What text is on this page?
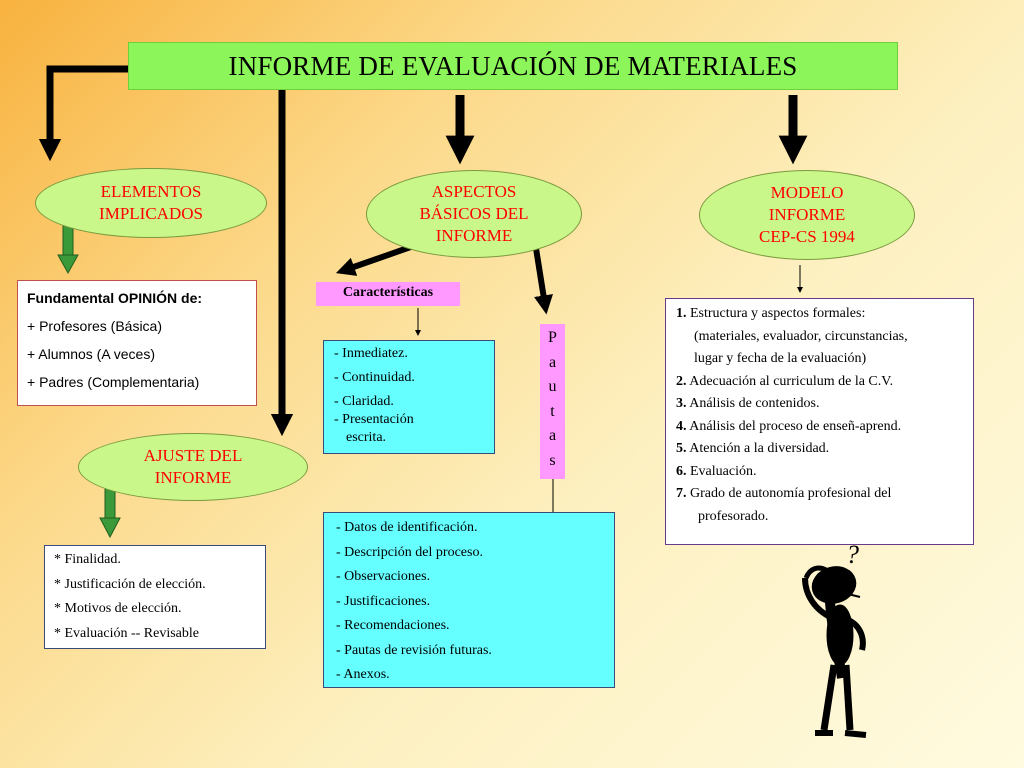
INFORME DE EVALUACIÓN DE MATERIALES
ELEMENTOS
IMPLICADOS
ASPECTOS
BÁSICOS DEL
INFORME
MODELO
INFORME
CEP-CS 1994
AJUSTE DEL
INFORME
Fundamental OPINIÓN de:
+ Profesores (Básica)
+ Alumnos (A veces)
+ Padres (Complementaria)
Características
- Inmediatez.
- Continuidad.
- Claridad.
- Presentación
escrita.
P
a
u
t
a
s
- Datos de identificación.
- Descripción del proceso.
- Observaciones.
- Justificaciones.
- Recomendaciones.
- Pautas de revisión futuras.
- Anexos.
* Finalidad.
* Justificación de elección.
* Motivos de elección.
* Evaluación -- Revisable
1. Estructura y aspectos formales:
(materiales, evaluador, circunstancias,
lugar y fecha de la evaluación)
2. Adecuación al curriculum de la C.V.
3. Análisis de contenidos.
4. Análisis del proceso de enseñ-aprend.
5. Atención a la diversidad.
6. Evaluación.
7. Grado de autonomía profesional del
profesorado.
?
